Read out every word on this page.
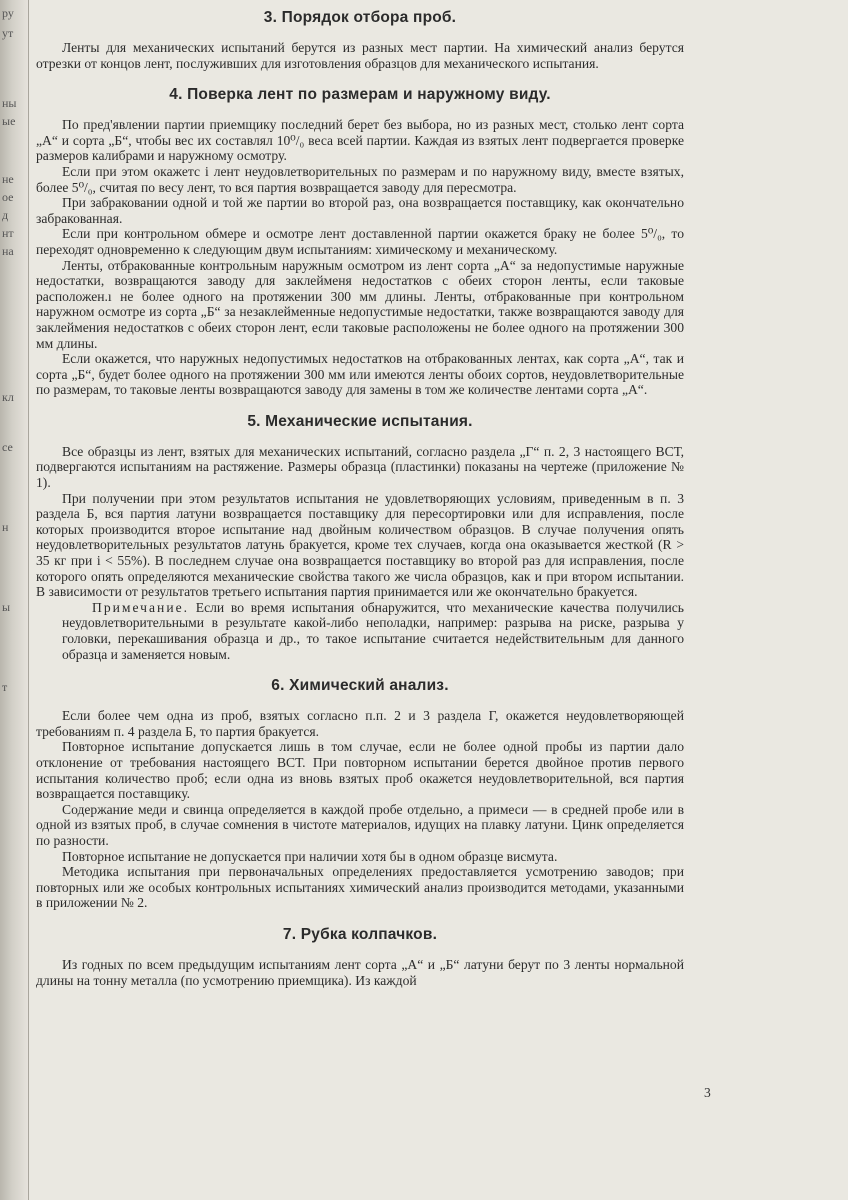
ру
ут
ны
ые
не
ое
д
нт
на
кл
се
н
ы
т
3. Порядок отбора проб.

Ленты для механических испытаний берутся из разных мест партии. На химический анализ берутся отрезки от концов лент, послуживших для изготовления образцов для механического испытания.

4. Поверка лент по размерам и наружному виду.

По пред'явлении партии приемщику последний берет без выбора, но из разных мест, столько лент сорта „А“ и сорта „Б“, чтобы вес их составлял 10⁰/₀ веса всей партии. Каждая из взятых лент подвергается проверке размеров калибрами и наружному осмотру.

Если при этом окажетс і лент неудовлетворительных по размерам и по наружному виду, вместе взятых, более 5⁰/₀, считая по весу лент, то вся партия возвращается заводу для пересмотра.

При забраковании одной и той же партии во второй раз, она возвращается поставщику, как окончательно забракованная.

Если при контрольном обмере и осмотре лент доставленной партии окажется браку не более 5⁰/₀, то переходят одновременно к следующим двум испытаниям: химическому и механическому.

Ленты, отбракованные контрольным наружным осмотром из лент сорта „А“ за недопустимые наружные недостатки, возвращаются заводу для заклейменя недостатков с обеих сторон ленты, если таковые расположен.ı не более одного на протяжении 300 мм длины. Ленты, отбракованные при контрольном наружном осмотре из сорта „Б“ за незаклейменные недопустимые недостатки, также возвращаются заводу для заклеймения недостатков с обеих сторон лент, если таковые расположены не более одного на протяжении 300 мм длины.

Если окажется, что наружных недопустимых недостатков на отбракованных лентах, как сорта „А“, так и сорта „Б“, будет более одного на протяжении 300 мм или имеются ленты обоих сортов, неудовлетворительные по размерам, то таковые ленты возвращаются заводу для замены в том же количестве лентами сорта „А“.

5. Механические испытания.

Все образцы из лент, взятых для механических испытаний, согласно раздела „Г“ п. 2, 3 настоящего ВСТ, подвергаются испытаниям на растяжение. Размеры образца (пластинки) показаны на чертеже (приложение № 1).

При получении при этом результатов испытания не удовлетворяющих условиям, приведенным в п. 3 раздела Б, вся партия латуни возвращается поставщику для пересортировки или для исправления, после которых производится второе испытание над двойным количеством образцов. В случае получения опять неудовлетворительных результатов латунь бракуется, кроме тех случаев, когда она оказывается жесткой (R > 35 кг при i < 55%). В последнем случае она возвращается поставщику во второй раз для исправления, после которого опять определяются механические свойства такого же числа образцов, как и при втором испытании. В зависимости от результатов третьего испытания партия принимается или же окончательно бракуется.

Примечание. Если во время испытания обнаружится, что механические качества получились неудовлетворительными в результате какой-либо неполадки, например: разрыва на риске, разрыва у головки, перекашивания образца и др., то такое испытание считается недействительным для данного образца и заменяется новым.

6. Химический анализ.

Если более чем одна из проб, взятых согласно п.п. 2 и 3 раздела Г, окажется неудовлетворяющей требованиям п. 4 раздела Б, то партия бракуется.

Повторное испытание допускается лишь в том случае, если не более одной пробы из партии дало отклонение от требования настоящего ВСТ. При повторном испытании берется двойное против первого испытания количество проб; если одна из вновь взятых проб окажется неудовлетворительной, вся партия возвращается поставщику.

Содержание меди и свинца определяется в каждой пробе отдельно, а примеси — в средней пробе или в одной из взятых проб, в случае сомнения в чистоте материалов, идущих на плавку латуни. Цинк определяется по разности.

Повторное испытание не допускается при наличии хотя бы в одном образце висмута.

Методика испытания при первоначальных определениях предоставляется усмотрению заводов; при повторных или же особых контрольных испытаниях химический анализ производится методами, указанными в приложении № 2.

7. Рубка колпачков.

Из годных по всем предыдущим испытаниям лент сорта „А“ и „Б“ латуни берут по 3 ленты нормальной длины на тонну металла (по усмотрению приемщика). Из каждой

3
